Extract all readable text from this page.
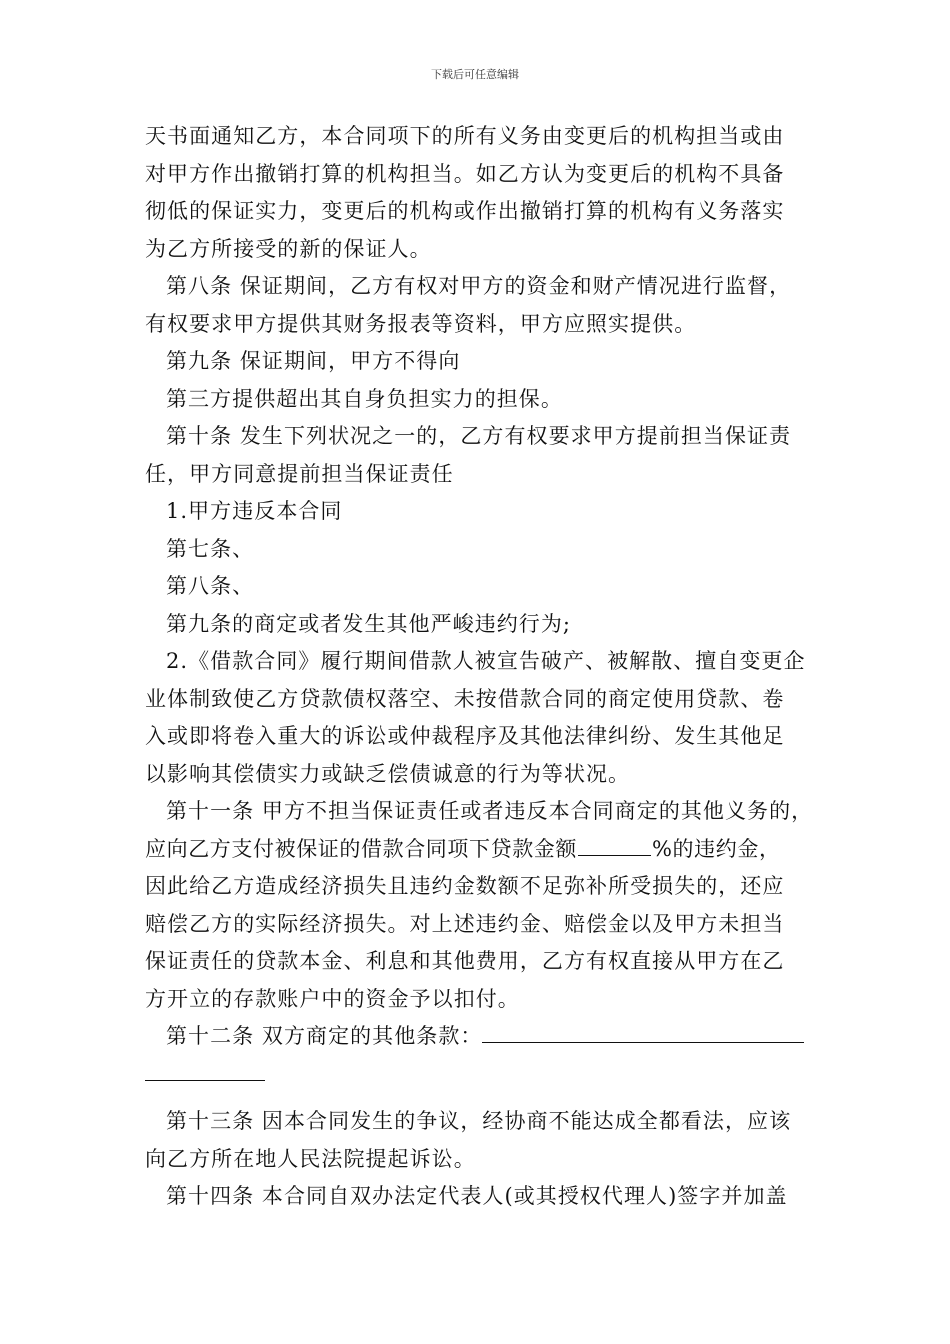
下载后可任意编辑
天书面通知乙方，本合同项下的所有义务由变更后的机构担当或由
对甲方作出撤销打算的机构担当。如乙方认为变更后的机构不具备
彻低的保证实力，变更后的机构或作出撤销打算的机构有义务落实
为乙方所接受的新的保证人。
第八条 保证期间，乙方有权对甲方的资金和财产情况进行监督，
有权要求甲方提供其财务报表等资料，甲方应照实提供。
第九条 保证期间，甲方不得向
第三方提供超出其自身负担实力的担保。
第十条 发生下列状况之一的，乙方有权要求甲方提前担当保证责
任，甲方同意提前担当保证责任
1.甲方违反本合同
第七条、
第八条、
第九条的商定或者发生其他严峻违约行为;
2.《借款合同》履行期间借款人被宣告破产、被解散、擅自变更企
业体制致使乙方贷款债权落空、未按借款合同的商定使用贷款、卷
入或即将卷入重大的诉讼或仲裁程序及其他法律纠纷、发生其他足
以影响其偿债实力或缺乏偿债诚意的行为等状况。
第十一条 甲方不担当保证责任或者违反本合同商定的其他义务的，
应向乙方支付被保证的借款合同项下贷款金额	%的违约金，
因此给乙方造成经济损失且违约金数额不足弥补所受损失的，还应
赔偿乙方的实际经济损失。对上述违约金、赔偿金以及甲方未担当
保证责任的贷款本金、利息和其他费用，乙方有权直接从甲方在乙
方开立的存款账户中的资金予以扣付。
第十二条 双方商定的其他条款：
第十三条 因本合同发生的争议，经协商不能达成全都看法，应该
向乙方所在地人民法院提起诉讼。
第十四条 本合同自双办法定代表人(或其授权代理人)签字并加盖
